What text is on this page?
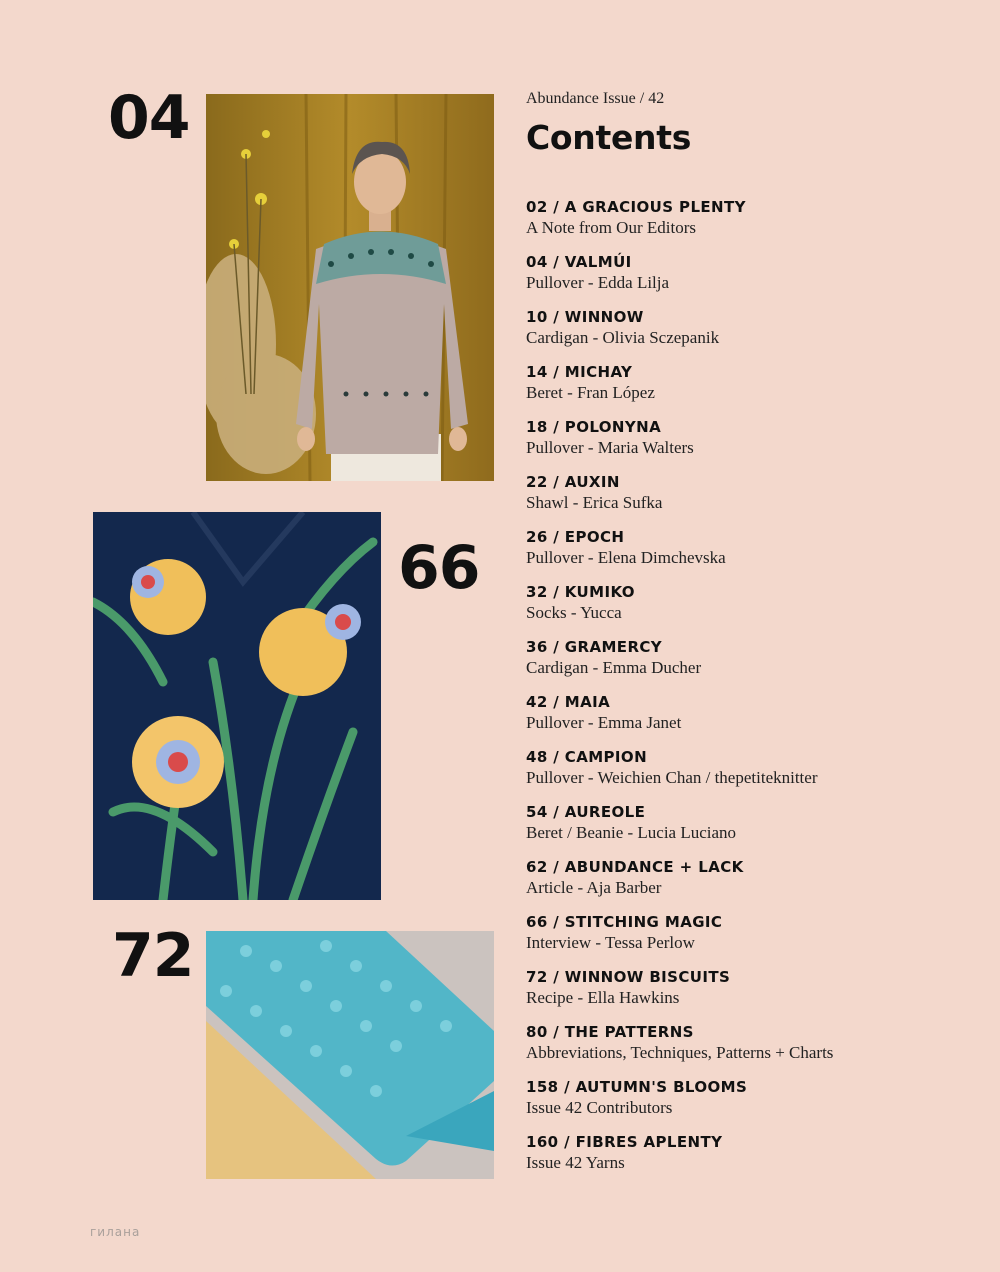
04
66
72
Abundance Issue / 42
Contents
02 / A GRACIOUS PLENTY
A Note from Our Editors
04 / VALMÚI
Pullover - Edda Lilja
10 / WINNOW
Cardigan - Olivia Sczepanik
14 / MICHAY
Beret - Fran López
18 / POLONYNA
Pullover - Maria Walters
22 / AUXIN
Shawl - Erica Sufka
26 / EPOCH
Pullover - Elena Dimchevska
32 / KUMIKO
Socks - Yucca
36 / GRAMERCY
Cardigan - Emma Ducher
42 / MAIA
Pullover - Emma Janet
48 / CAMPION
Pullover - Weichien Chan / thepetiteknitter
54 / AUREOLE
Beret / Beanie - Lucia Luciano
62 / ABUNDANCE + LACK
Article - Aja Barber
66 / STITCHING MAGIC
Interview - Tessa Perlow
72 / WINNOW BISCUITS
Recipe - Ella Hawkins
80 / THE PATTERNS
Abbreviations, Techniques, Patterns + Charts
158 / AUTUMN'S BLOOMS
Issue 42 Contributors
160 / FIBRES APLENTY
Issue 42 Yarns
гилана
